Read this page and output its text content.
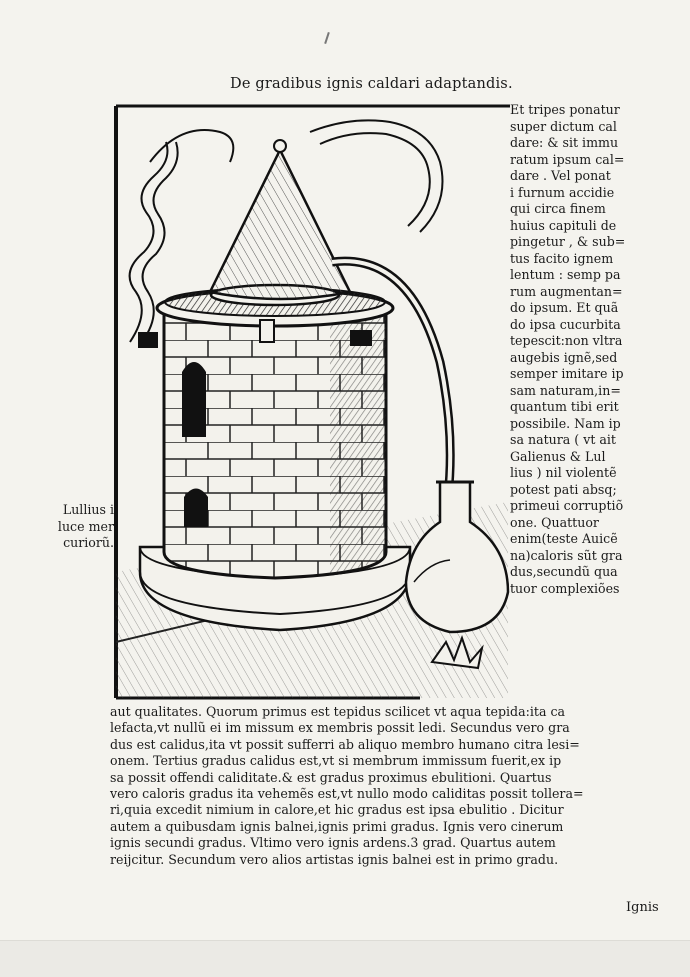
De gradibus ignis caldari adaptandis.
Et tripes ponatur
super dictum cal
dare: & sit immu
ratum ipsum cal=
dare . Vel ponat
i furnum accidie
qui circa finem
huius capituli de
pingetur , & sub=
tus facito ignem
lentum : semp pa
rum augmentan=
do ipsum. Et quã
do ipsa cucurbita
tepescit:non vltra
augebis ignẽ,sed
semper imitare ip
sam naturam,in=
quantum tibi erit
possibile. Nam ip
sa natura ( vt ait
Galienus & Lul
lius ) nil violentẽ
potest pati absq;
primeui corruptiõ
one. Quattuor
enim(teste Auicẽ
na)caloris sũt gra
dus,secundũ qua
tuor complexiões
Lullius i
luce mer
curiorũ.
aut qualitates. Quorum primus est tepidus scilicet vt aqua tepida:ita ca
lefacta,vt nullũ ei im missum ex membris possit ledi. Secundus vero gra
dus est calidus,ita vt possit sufferri ab aliquo membro humano citra lesi=
onem. Tertius gradus calidus est,vt si membrum immissum fuerit,ex ip
sa possit offendi caliditate.& est gradus proximus ebulitioni. Quartus
vero caloris gradus ita vehemẽs est,vt nullo modo caliditas possit tollera=
ri,quia excedit nimium in calore,et hic gradus est ipsa ebulitio . Dicitur
autem a quibusdam ignis balnei,ignis primi gradus. Ignis vero cinerum
ignis secundi gradus. Vltimo vero ignis ardens.3 grad. Quartus autem
reijcitur. Secundum vero alios artistas ignis balnei est in primo gradu.
Ignis
